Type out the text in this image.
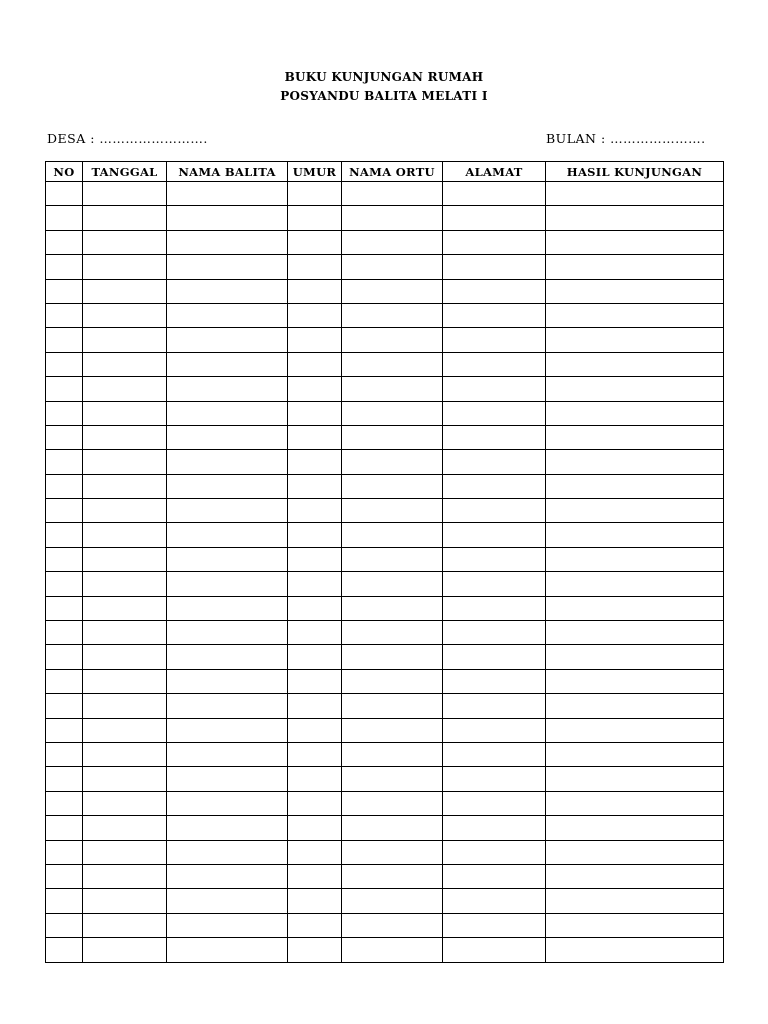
BUKU KUNJUNGAN RUMAH
POSYANDU BALITA MELATI I
DESA : …………………….	BULAN : ………………….
NO	TANGGAL	NAMA BALITA	UMUR	NAMA ORTU	ALAMAT	HASIL KUNJUNGAN
